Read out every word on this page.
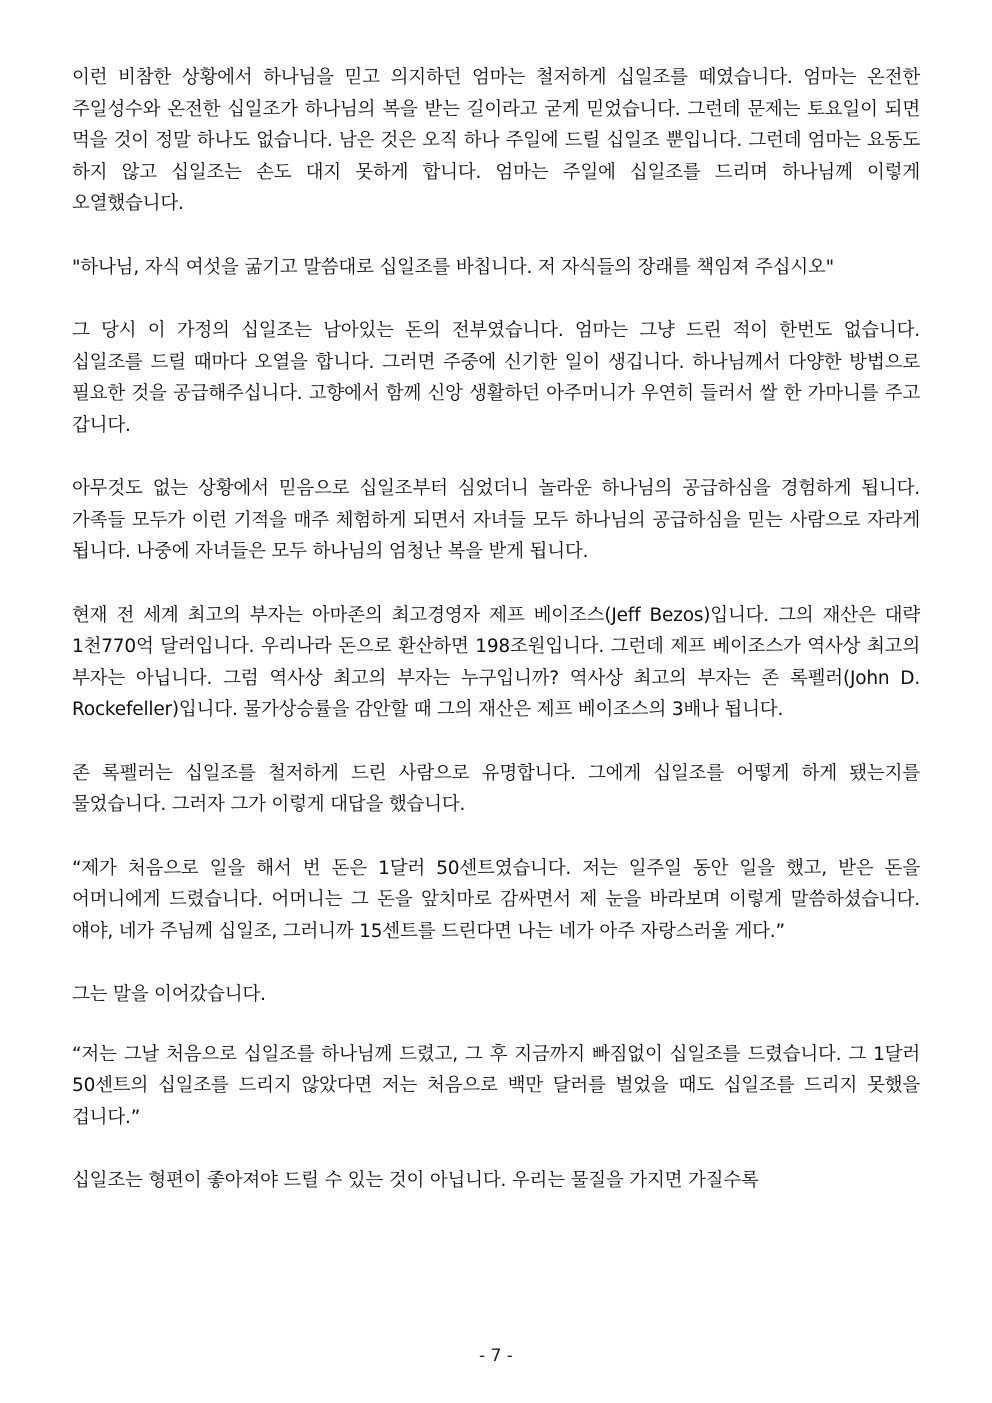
이런 비참한 상황에서 하나님을 믿고 의지하던 엄마는 철저하게 십일조를 떼였습니다. 엄마는 온전한 주일성수와 온전한 십일조가 하나님의 복을 받는 길이라고 굳게 믿었습니다. 그런데 문제는 토요일이 되면 먹을 것이 정말 하나도 없습니다. 남은 것은 오직 하나 주일에 드릴 십일조 뿐입니다. 그런데 엄마는 요동도 하지 않고 십일조는 손도 대지 못하게 합니다. 엄마는 주일에 십일조를 드리며 하나님께 이렇게 오열했습니다.

"하나님, 자식 여섯을 굶기고 말씀대로 십일조를 바칩니다. 저 자식들의 장래를 책임져 주십시오"

그 당시 이 가정의 십일조는 남아있는 돈의 전부였습니다. 엄마는 그냥 드린 적이 한번도 없습니다. 십일조를 드릴 때마다 오열을 합니다. 그러면 주중에 신기한 일이 생깁니다. 하나님께서 다양한 방법으로 필요한 것을 공급해주십니다. 고향에서 함께 신앙 생활하던 아주머니가 우연히 들러서 쌀 한 가마니를 주고 갑니다.

아무것도 없는 상황에서 믿음으로 십일조부터 심었더니 놀라운 하나님의 공급하심을 경험하게 됩니다. 가족들 모두가 이런 기적을 매주 체험하게 되면서 자녀들 모두 하나님의 공급하심을 믿는 사람으로 자라게 됩니다. 나중에 자녀들은 모두 하나님의 엄청난 복을 받게 됩니다.

현재 전 세계 최고의 부자는 아마존의 최고경영자 제프 베이조스(Jeff Bezos)입니다. 그의 재산은 대략 1천770억 달러입니다. 우리나라 돈으로 환산하면 198조원입니다. 그런데 제프 베이조스가 역사상 최고의 부자는 아닙니다. 그럼 역사상 최고의 부자는 누구입니까? 역사상 최고의 부자는 존 록펠러(John D. Rockefeller)입니다. 물가상승률을 감안할 때 그의 재산은 제프 베이조스의 3배나 됩니다.

존 록펠러는 십일조를 철저하게 드린 사람으로 유명합니다. 그에게 십일조를 어떻게 하게 됐는지를 물었습니다. 그러자 그가 이렇게 대답을 했습니다.

“제가 처음으로 일을 해서 번 돈은 1달러 50센트였습니다. 저는 일주일 동안 일을 했고, 받은 돈을 어머니에게 드렸습니다. 어머니는 그 돈을 앞치마로 감싸면서 제 눈을 바라보며 이렇게 말씀하셨습니다. 얘야, 네가 주님께 십일조, 그러니까 15센트를 드린다면 나는 네가 아주 자랑스러울 게다.”

그는 말을 이어갔습니다.

“저는 그날 처음으로 십일조를 하나님께 드렸고, 그 후 지금까지 빠짐없이 십일조를 드렸습니다. 그 1달러 50센트의 십일조를 드리지 않았다면 저는 처음으로 백만 달러를 벌었을 때도 십일조를 드리지 못했을 겁니다.”

십일조는 형편이 좋아져야 드릴 수 있는 것이 아닙니다. 우리는 물질을 가지면 가질수록

- 7 -
